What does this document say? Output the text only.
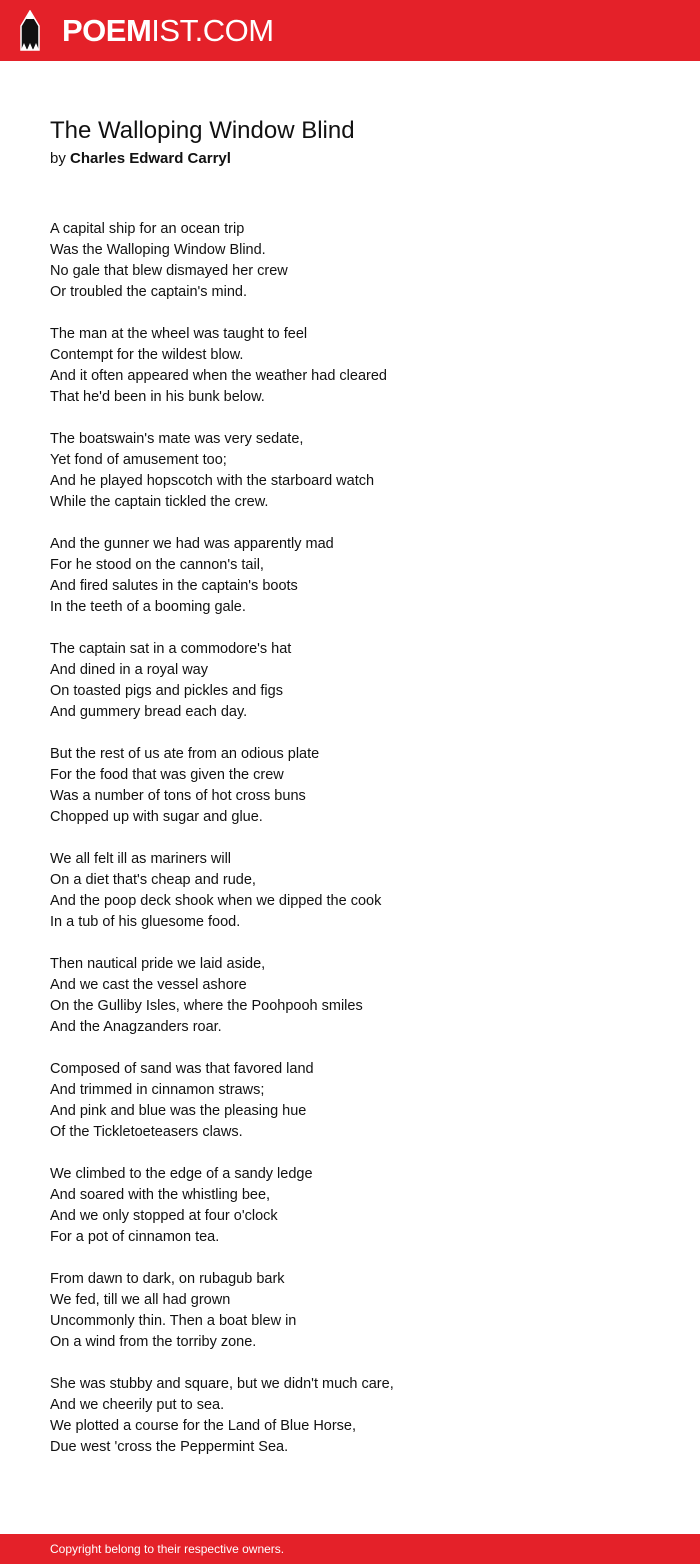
POEMIST.COM
The Walloping Window Blind
by Charles Edward Carryl
A capital ship for an ocean trip
Was the Walloping Window Blind.
No gale that blew dismayed her crew
Or troubled the captain's mind.
The man at the wheel was taught to feel
Contempt for the wildest blow.
And it often appeared when the weather had cleared
That he'd been in his bunk below.
The boatswain's mate was very sedate,
Yet fond of amusement too;
And he played hopscotch with the starboard watch
While the captain tickled the crew.
And the gunner we had was apparently mad
For he stood on the cannon's tail,
And fired salutes in the captain's boots
In the teeth of a booming gale.
The captain sat in a commodore's hat
And dined in a royal way
On toasted pigs and pickles and figs
And gummery bread each day.
But the rest of us ate from an odious plate
For the food that was given the crew
Was a number of tons of hot cross buns
Chopped up with sugar and glue.
We all felt ill as mariners will
On a diet that's cheap and rude,
And the poop deck shook when we dipped the cook
In a tub of his gluesome food.
Then nautical pride we laid aside,
And we cast the vessel ashore
On the Gulliby Isles, where the Poohpooh smiles
And the Anagzanders roar.
Composed of sand was that favored land
And trimmed in cinnamon straws;
And pink and blue was the pleasing hue
Of the Tickletoeteasers claws.
We climbed to the edge of a sandy ledge
And soared with the whistling bee,
And we only stopped at four o'clock
For a pot of cinnamon tea.
From dawn to dark, on rubagub bark
We fed, till we all had grown
Uncommonly thin. Then a boat blew in
On a wind from the torriby zone.
She was stubby and square, but we didn't much care,
And we cheerily put to sea.
We plotted a course for the Land of Blue Horse,
Due west 'cross the Peppermint Sea.
Copyright belong to their respective owners.
